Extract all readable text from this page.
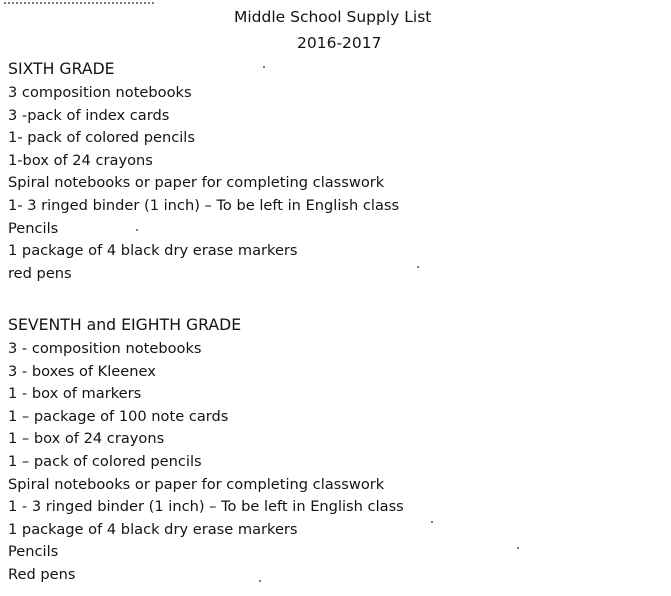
Middle School Supply List
2016-2017
SIXTH GRADE
3 composition notebooks
3 -pack of index cards
1- pack of colored pencils
1-box of 24 crayons
Spiral notebooks or paper for completing classwork
1- 3 ringed binder (1 inch) – To be left in English class
Pencils
1 package of 4 black dry erase markers
red pens
SEVENTH and EIGHTH GRADE
3 - composition notebooks
3 - boxes of Kleenex
1 - box of markers
1 – package of 100 note cards
1 – box of 24 crayons
1 – pack of colored pencils
Spiral notebooks or paper for completing classwork
1 - 3 ringed binder (1 inch) – To be left in English class
1 package of 4 black dry erase markers
Pencils
Red pens
